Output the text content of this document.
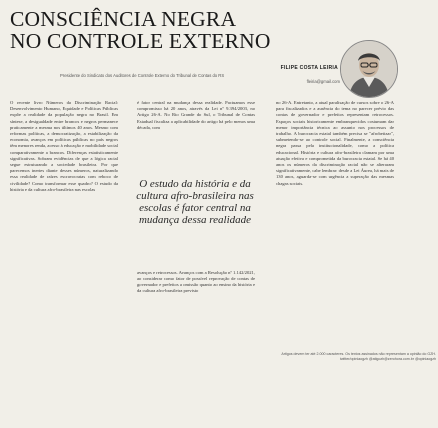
CONSCIÊNCIA NEGRA
NO CONTROLE EXTERNO
FILIPE COSTA LEIRIA
Presidente do Sindicato dos Auditores de Controle Externo do Tribunal de Contas do RS
fleiria@gmail.com

O recente livro Números da Discriminação Racial: Desenvolvimento Humano, Equidade e Políticas Públicas expõe a realidade da população negra no Brasil. Em síntese, a desigualdade entre brancos e negros permanece praticamente a mesma nos últimos 40 anos. Mesmo com reformas políticas, a democratização, a estabilização da economia, avanços em políticas públicas no país negros têm menores renda, acesso à educação e mobilidade social comparativamente a brancos. Diferenças estatisticamente significativas. Sobram evidências de que a lógica racial segue estruturando a sociedade brasileira. Por que parecemos inertes diante desses números, naturalizando essa realidade de raízes escravocratas com reboco de civilidade? Como transformar esse quadro? O estudo da história e da cultura afro-brasileira nas escolas

é fator central na mudança dessa realidade. Pactuamos esse compromisso há 20 anos, através da Lei nº 9.394/2003, no Artigo 26-A. No Rio Grande do Sul, o Tribunal de Contas Estadual fiscaliza a aplicabilidade do artigo há pelo menos uma década, com

O estudo da história e da cultura afro-brasileira nas escolas é fator central na mudança dessa realidade

avanços e retrocessos. Avanços com a Resolução nº 1.142/2021, ao considerar como fator de possível reprovação de contas de governador e prefeitos a omissão quanto ao ensino da história e da cultura afro-brasileira previsto

no 26-A. Entretanto, a atual paralisação de cursos sobre o 26-A para fiscalizados e a ausência do tema no parecer prévio das contas de governador e prefeitos representam retrocessos. Espaços sociais historicamente embranquecidos costumam dar menor importância técnica ao assunto nos processos de trabalho. A burocracia estatal também precisa se "afrobetizar", submetendo-se ao controle social. Finalmente, a consciência negra passa pela institucionalidade, como a política educacional. História e cultura afro-brasileira clamam por uma atuação efetiva e comprometida da burocracia estatal. Se há 40 anos os números da discriminação racial não se alteraram significativamente, cabe lembrar: desde a Lei Áurea, há mais de 130 anos, aguarda-se com urgência a superação das mesmas chagas sociais.

Artigos devem ter até 2.000 caracteres. Os textos assinados não representam a opinião do GZH.
twitter/opiniaogzh @atigozh@zerohora.com.br @opiniaogzh
